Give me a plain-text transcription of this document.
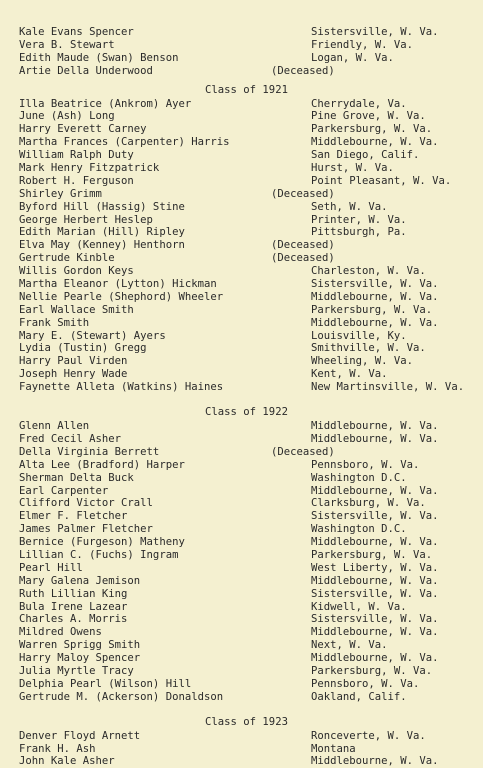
Kale Evans Spencer	Sistersville, W. Va.
Vera B. Stewart	Friendly, W. Va.
Edith Maude (Swan) Benson	Logan, W. Va.
Artie Della Underwood	(Deceased)
Class of 1921
Illa Beatrice (Ankrom) Ayer	Cherrydale, Va.
June (Ash) Long	Pine Grove, W. Va.
Harry Everett Carney	Parkersburg, W. Va.
Martha Frances (Carpenter) Harris	Middlebourne, W. Va.
William Ralph Duty	San Diego, Calif.
Mark Henry Fitzpatrick	Hurst, W. Va.
Robert H. Ferguson	Point Pleasant, W. Va.
Shirley Grimm	(Deceased)
Byford Hill (Hassig) Stine	Seth, W. Va.
George Herbert Heslep	Printer, W. Va.
Edith Marian (Hill) Ripley	Pittsburgh, Pa.
Elva May (Kenney) Henthorn	(Deceased)
Gertrude Kinble	(Deceased)
Willis Gordon Keys	Charleston, W. Va.
Martha Eleanor (Lytton) Hickman	Sistersville, W. Va.
Nellie Pearle (Shephord) Wheeler	Middlebourne, W. Va.
Earl Wallace Smith	Parkersburg, W. Va.
Frank Smith	Middlebourne, W. Va.
Mary E. (Stewart) Ayers	Louisville, Ky.
Lydia (Tustin) Gregg	Smithville, W. Va.
Harry Paul Virden	Wheeling, W. Va.
Joseph Henry Wade	Kent, W. Va.
Faynette Alleta (Watkins) Haines	New Martinsville, W. Va.
Class of 1922
Glenn Allen	Middlebourne, W. Va.
Fred Cecil Asher	Middlebourne, W. Va.
Della Virginia Berrett	(Deceased)
Alta Lee (Bradford) Harper	Pennsboro, W. Va.
Sherman Delta Buck	Washington D.C.
Earl Carpenter	Middlebourne, W. Va.
Clifford Victor Crall	Clarksburg, W. Va.
Elmer F. Fletcher	Sistersville, W. Va.
James Palmer Fletcher	Washington D.C.
Bernice (Furgeson) Matheny	Middlebourne, W. Va.
Lillian C. (Fuchs) Ingram	Parkersburg, W. Va.
Pearl Hill	West Liberty, W. Va.
Mary Galena Jemison	Middlebourne, W. Va.
Ruth Lillian King	Sistersville, W. Va.
Bula Irene Lazear	Kidwell, W. Va.
Charles A. Morris	Sistersville, W. Va.
Mildred Owens	Middlebourne, W. Va.
Warren Sprigg Smith	Next, W. Va.
Harry Maloy Spencer	Middlebourne, W. Va.
Julia Myrtle Tracy	Parkersburg, W. Va.
Delphia Pearl (Wilson) Hill	Pennsboro, W. Va.
Gertrude M. (Ackerson) Donaldson	Oakland, Calif.
Class of 1923
Denver Floyd Arnett	Ronceverte, W. Va.
Frank H. Ash	Montana
John Kale Asher	Middlebourne, W. Va.
